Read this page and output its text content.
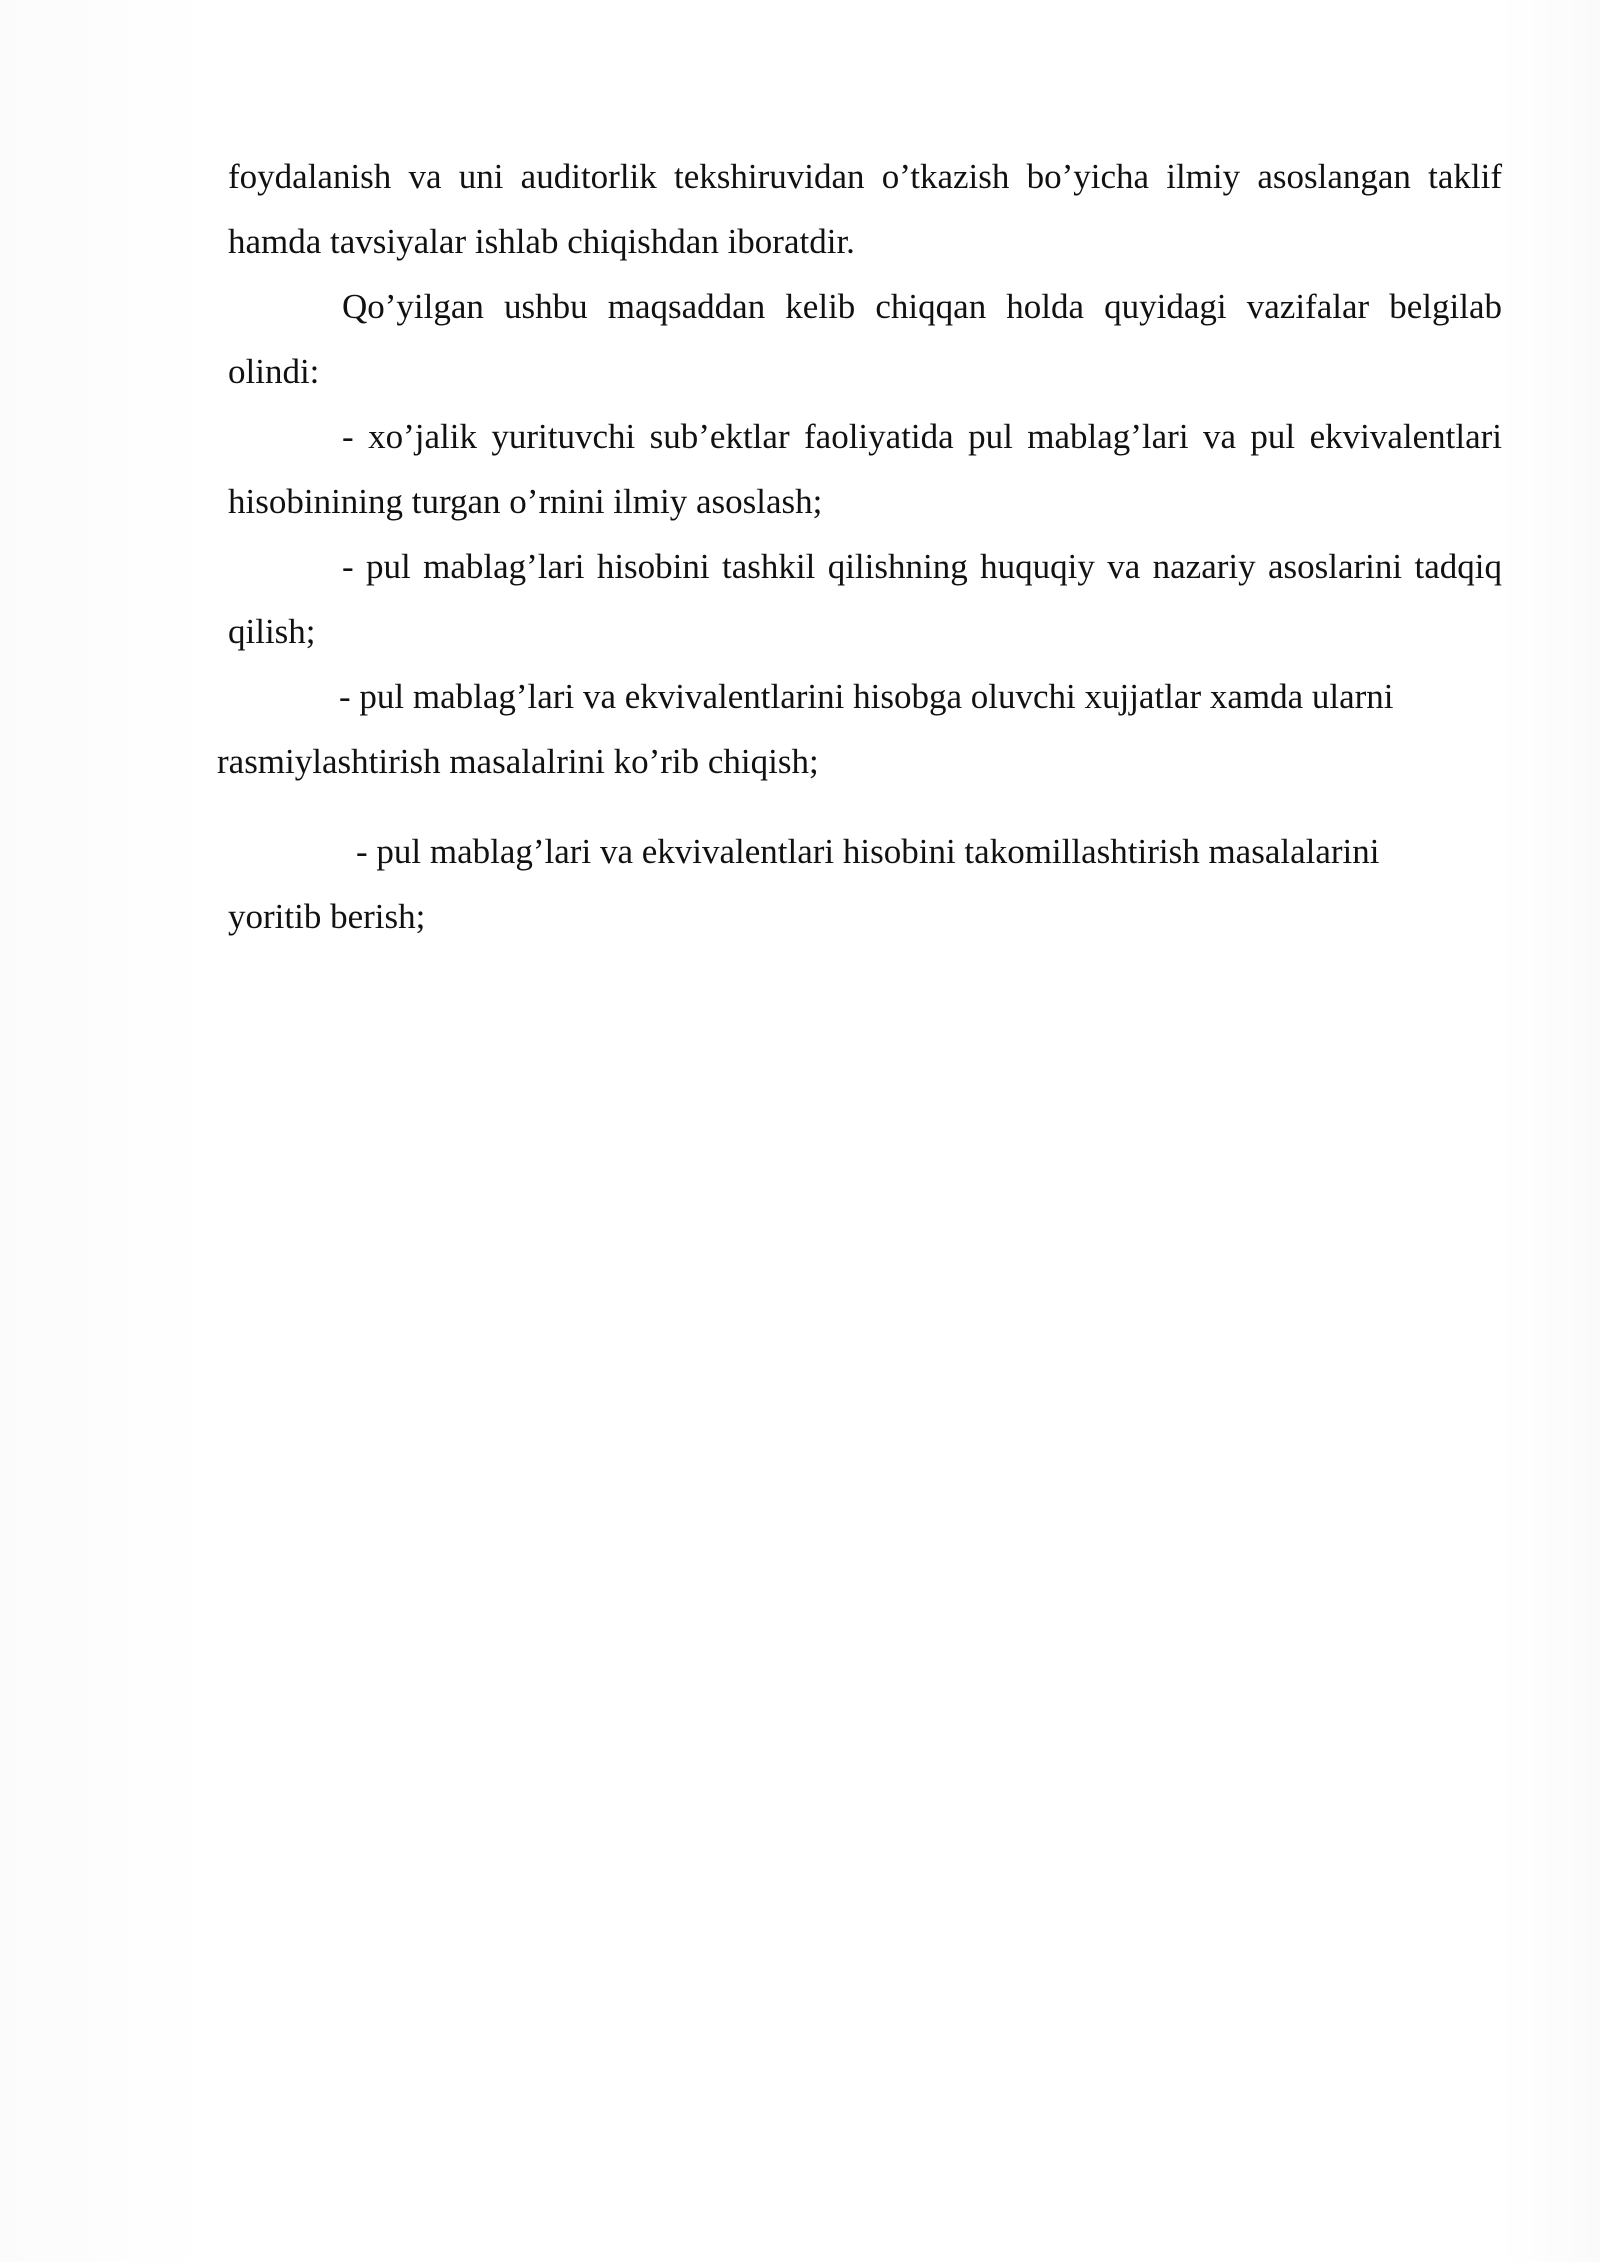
foydalanish va uni auditorlik tekshiruvidan o’tkazish bo’yicha ilmiy asoslangan taklif hamda tavsiyalar ishlab chiqishdan iboratdir.

Qo’yilgan ushbu maqsaddan kelib chiqqan holda quyidagi vazifalar belgilab olindi:

- xo’jalik yurituvchi sub’ektlar faoliyatida pul mablag’lari va pul ekvivalentlari hisobinining turgan o’rnini ilmiy asoslash;

- pul mablag’lari hisobini tashkil qilishning huquqiy va nazariy asoslarini tadqiq qilish;

- pul mablag’lari va ekvivalentlarini hisobga oluvchi xujjatlar xamda ularni
rasmiylashtirish masalalrini ko’rib chiqish;

- pul mablag’lari va ekvivalentlari hisobini takomillashtirish masalalarini
yoritib berish;
